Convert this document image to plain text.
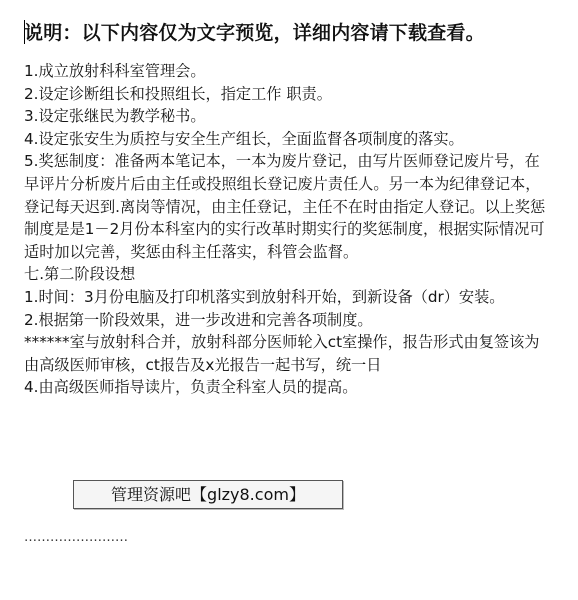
说明：以下内容仅为文字预览，详细内容请下载查看。

1.成立放射科科室管理会。

2.设定诊断组长和投照组长，指定工作 职责。

3.设定张继民为教学秘书。

4.设定张安生为质控与安全生产组长，全面监督各项制度的落实。

5.奖惩制度：准备两本笔记本，一本为废片登记，由写片医师登记废片号，在早评片分析废片后由主任或投照组长登记废片责任人。另一本为纪律登记本，登记每天迟到.离岗等情况，由主任登记，主任不在时由指定人登记。以上奖惩制度是是1－2月份本科室内的实行改革时期实行的奖惩制度，根据实际情况可适时加以完善，奖惩由科主任落实，科管会监督。

七.第二阶段设想

1.时间：3月份电脑及打印机落实到放射科开始，到新设备（dr）安装。

2.根据第一阶段效果，进一步改进和完善各项制度。

******室与放射科合并，放射科部分医师轮入ct室操作，报告形式由复签该为由高级医师审核，ct报告及x光报告一起书写，统一日

4.由高级医师指导读片，负责全科室人员的提高。

管理资源吧【glzy8.com】
……………………
